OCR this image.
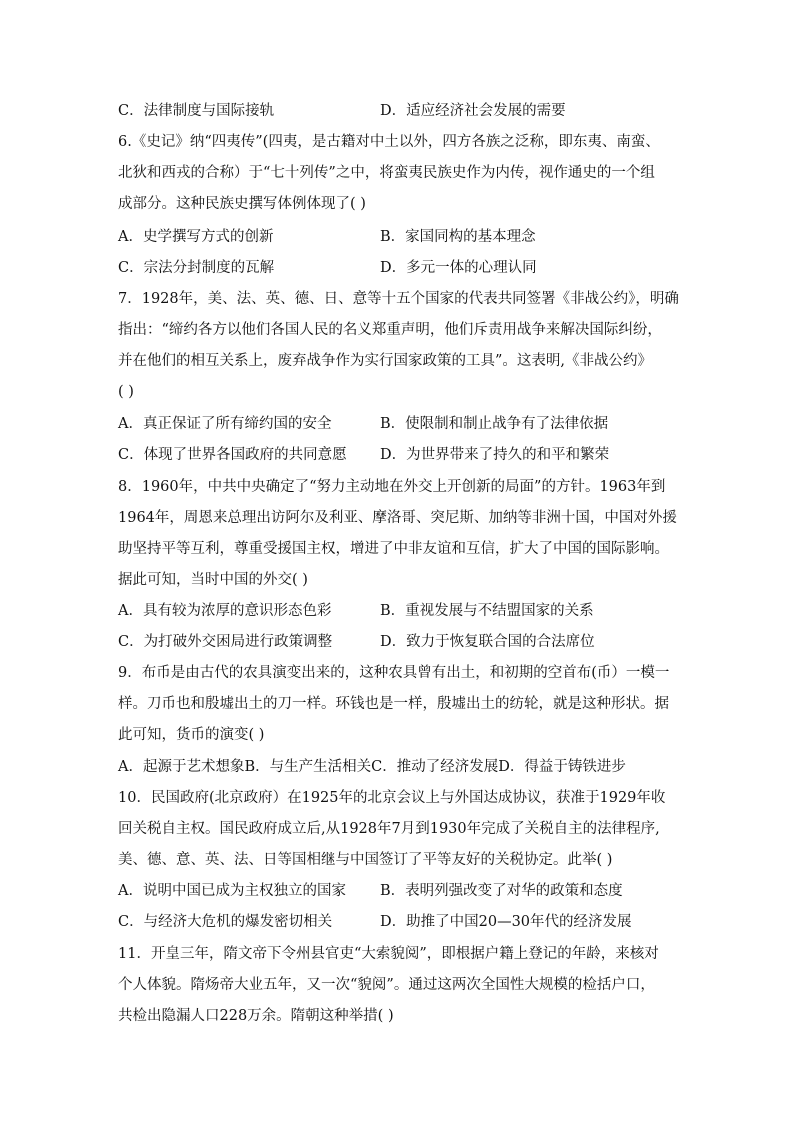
C．法律制度与国际接轨	D．适应经济社会发展的需要
6.《史记》纳“四夷传”(四夷，是古籍对中土以外，四方各族之泛称，即东夷、南蛮、
北狄和西戎的合称）于“七十列传”之中，将蛮夷民族史作为内传，视作通史的一个组
成部分。这种民族史撰写体例体现了( )
A．史学撰写方式的创新	B．家国同构的基本理念
C．宗法分封制度的瓦解	D．多元一体的心理认同
7．1928年，美、法、英、德、日、意等十五个国家的代表共同签署《非战公约》，明确
指出：“缔约各方以他们各国人民的名义郑重声明，他们斥责用战争来解决国际纠纷，
并在他们的相互关系上，废弃战争作为实行国家政策的工具”。这表明,《非战公约》
( )
A．真正保证了所有缔约国的安全	B．使限制和制止战争有了法律依据
C．体现了世界各国政府的共同意愿 D．为世界带来了持久的和平和繁荣
8．1960年，中共中央确定了“努力主动地在外交上开创新的局面”的方针。1963年到
1964年，周恩来总理出访阿尔及利亚、摩洛哥、突尼斯、加纳等非洲十国，中国对外援
助坚持平等互利，尊重受援国主权，增进了中非友谊和互信，扩大了中国的国际影响。
据此可知，当时中国的外交( )
A．具有较为浓厚的意识形态色彩	B．重视发展与不结盟国家的关系
C．为打破外交困局进行政策调整	D．致力于恢复联合国的合法席位
9．布币是由古代的农具演变出来的，这种农具曾有出土，和初期的空首布(币）一模一
样。刀币也和殷墟出土的刀一样。环钱也是一样，殷墟出土的纺轮，就是这种形状。据
此可知，货币的演变( )
A．起源于艺术想象B．与生产生活相关C．推动了经济发展D．得益于铸铁进步
10．民国政府(北京政府）在1925年的北京会议上与外国达成协议，获准于1929年收
回关税自主权。国民政府成立后,从1928年7月到1930年完成了关税自主的法律程序,
美、德、意、英、法、日等国相继与中国签订了平等友好的关税协定。此举( )
A．说明中国已成为主权独立的国家 B．表明列强改变了对华的政策和态度
C．与经济大危机的爆发密切相关	D．助推了中国20—30年代的经济发展
11．开皇三年，隋文帝下令州县官吏“大索貌阅”，即根据户籍上登记的年龄，来核对
个人体貌。隋炀帝大业五年，又一次“貌阅”。通过这两次全国性大规模的检括户口，
共检出隐漏人口228万余。隋朝这种举措( )
